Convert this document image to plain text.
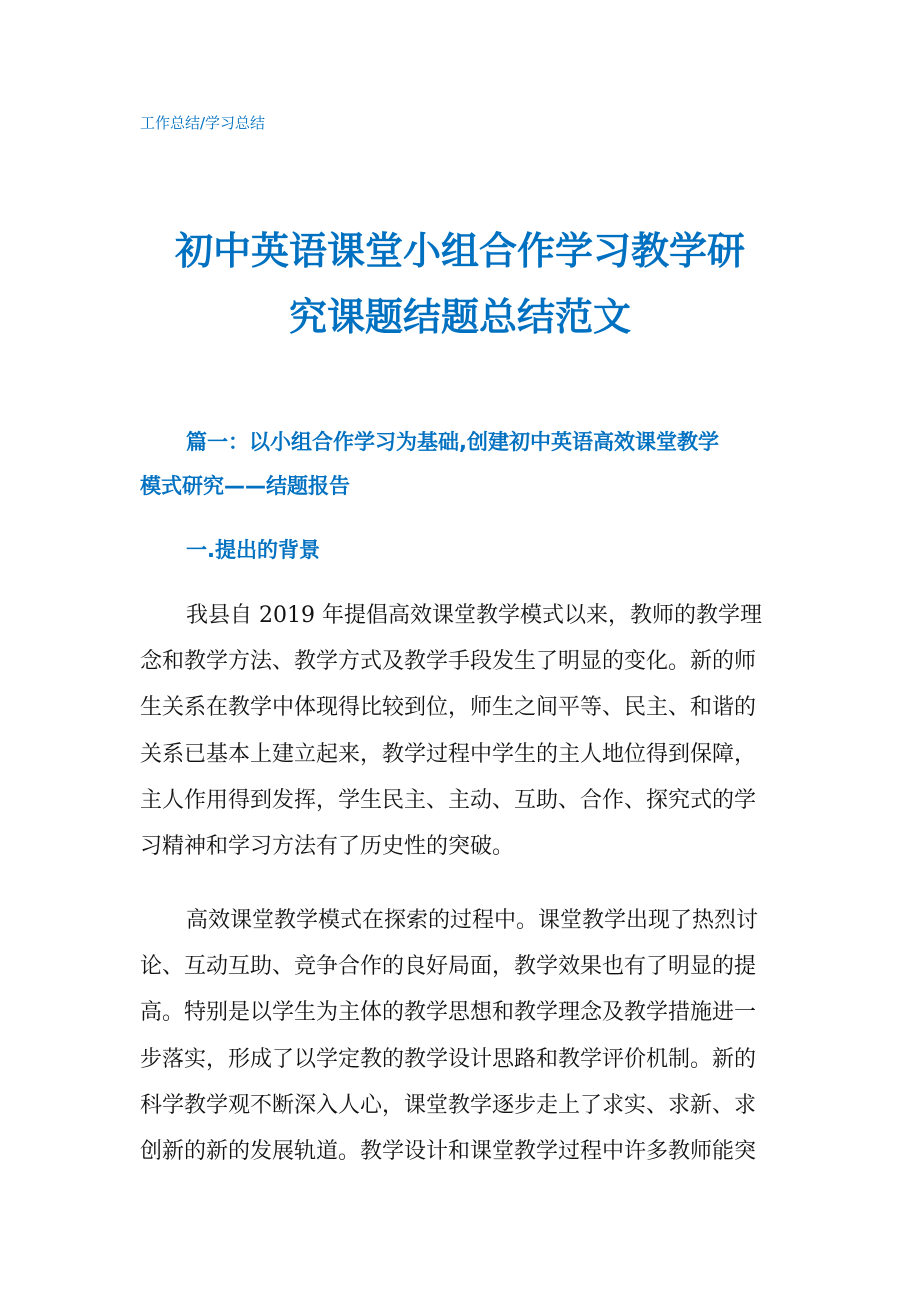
工作总结/学习总结
初中英语课堂小组合作学习教学研
究课题结题总结范文
篇一：以小组合作学习为基础,创建初中英语高效课堂教学
模式研究——结题报告
一.提出的背景
我县自 2019 年提倡高效课堂教学模式以来，教师的教学理
念和教学方法、教学方式及教学手段发生了明显的变化。新的师
生关系在教学中体现得比较到位，师生之间平等、民主、和谐的
关系已基本上建立起来，教学过程中学生的主人地位得到保障，
主人作用得到发挥，学生民主、主动、互助、合作、探究式的学
习精神和学习方法有了历史性的突破。
高效课堂教学模式在探索的过程中。课堂教学出现了热烈讨
论、互动互助、竞争合作的良好局面，教学效果也有了明显的提
高。特别是以学生为主体的教学思想和教学理念及教学措施进一
步落实，形成了以学定教的教学设计思路和教学评价机制。新的
科学教学观不断深入人心，课堂教学逐步走上了求实、求新、求
创新的新的发展轨道。教学设计和课堂教学过程中许多教师能突
